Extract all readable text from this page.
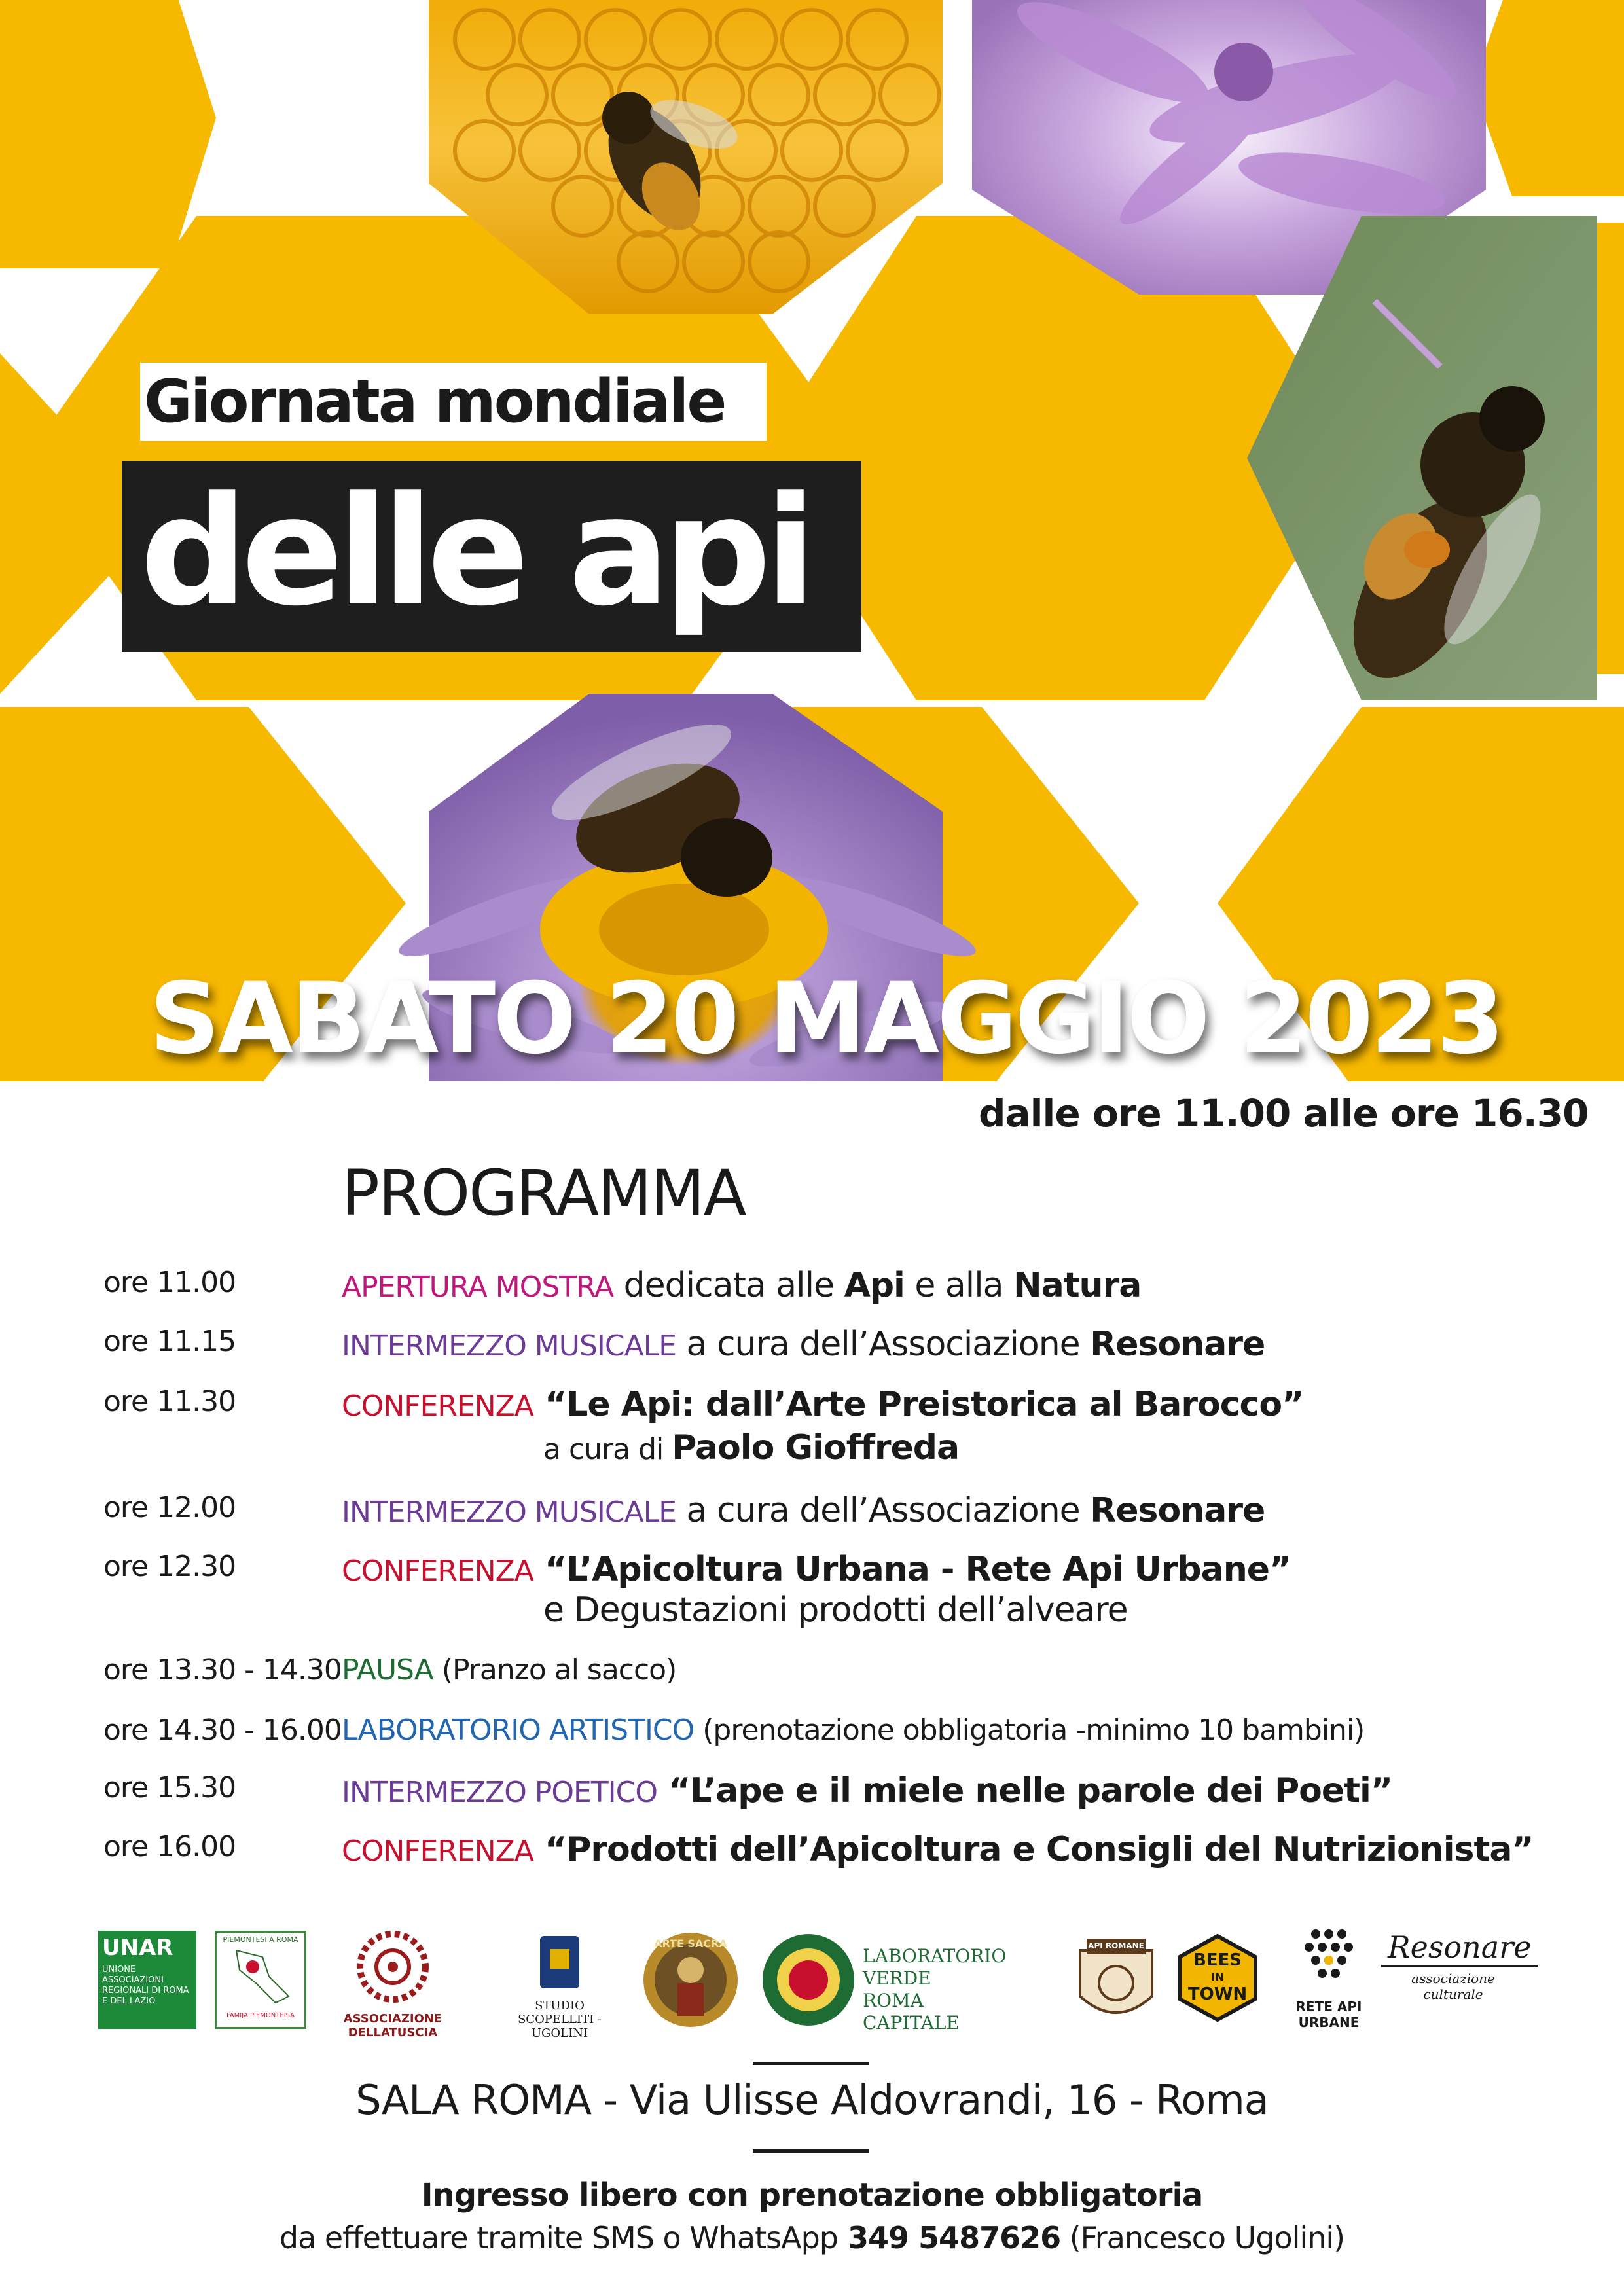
Giornata mondiale
delle api
SABATO 20 MAGGIO 2023
dalle ore 11.00 alle ore 16.30
PROGRAMMA
ore 11.00	APERTURA MOSTRA dedicata alle Api e alla Natura
ore 11.15	INTERMEZZO MUSICALE a cura dell’Associazione Resonare
ore 11.30	CONFERENZA “Le Api: dall’Arte Preistorica al Barocco”
a cura di Paolo Gioffreda
ore 12.00	INTERMEZZO MUSICALE a cura dell’Associazione Resonare
ore 12.30	CONFERENZA “L’Apicoltura Urbana - Rete Api Urbane”
e Degustazioni prodotti dell’alveare
ore 13.30 - 14.30 PAUSA (Pranzo al sacco)
ore 14.30 - 16.00 LABORATORIO ARTISTICO (prenotazione obbligatoria -minimo 10 bambini)
ore 15.30	INTERMEZZO POETICO “L’ape e il miele nelle parole dei Poeti”
ore 16.00	CONFERENZA “Prodotti dell’Apicoltura e Consigli del Nutrizionista”
UNAR
UNIONE ASSOCIAZIONI REGIONALI DI ROMA E DEL LAZIO
PIEMONTESI A ROMA
FAMIJA PIEMONTEISA	ASSOCIAZIONE DELLATUSCIA
STUDIO
SCOPELLITI - UGOLINI
ARTE SACRA
LABORATORIO
VERDE
ROMA CAPITALE
API ROMANE
BEES
IN
TOWN
RETE API
URBANE
Resonare
associazione
culturale
SALA ROMA - Via Ulisse Aldovrandi, 16 - Roma
Ingresso libero con prenotazione obbligatoria
da effettuare tramite SMS o WhatsApp 349 5487626 (Francesco Ugolini)
